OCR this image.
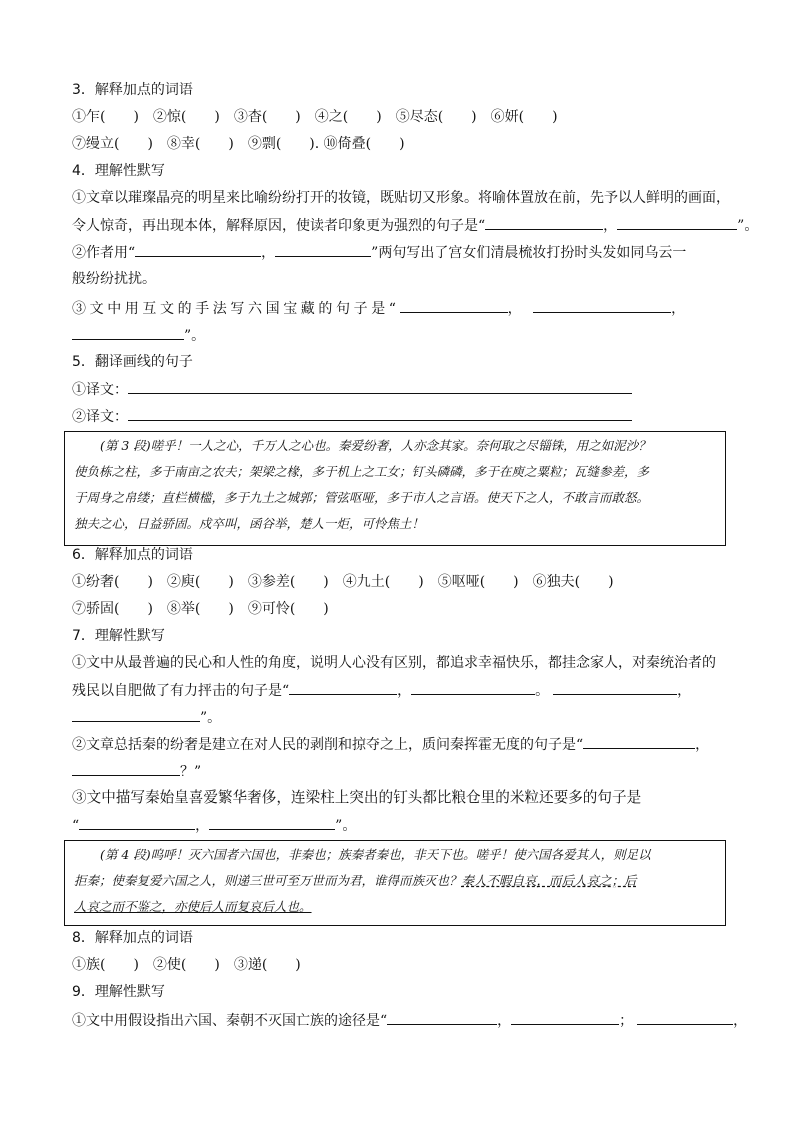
3．解释加点的词语
①乍(　　)　②惊(　　)　③杳(　　)　④之(　　)　⑤尽态(　　)　⑥妍(　　)
⑦缦立(　　)　⑧幸(　　)　⑨剽(　　). ⑩倚叠(　　)
4．理解性默写
①文章以璀璨晶亮的明星来比喻纷纷打开的妆镜，既贴切又形象。将喻体置放在前，先予以人鲜明的画面，
令人惊奇，再出现本体，解释原因，使读者印象更为强烈的句子是“	，	”。
②作者用“	，	”两句写出了宫女们清晨梳妆打扮时头发如同乌云一
般纷纷扰扰。
③文中用互文的手法写六国宝藏的句子是“	，	，
”。
5．翻译画线的句子
①译文：
②译文：
(第 3 段)嗟乎！一人之心，千万人之心也。秦爱纷奢，人亦念其家。奈何取之尽锱铢，用之如泥沙？
使负栋之柱，多于南亩之农夫；架梁之椽，多于机上之工女；钉头磷磷，多于在庾之粟粒；瓦缝参差，多
于周身之帛缕；直栏横槛，多于九土之城郭；管弦呕哑，多于市人之言语。使天下之人，不敢言而敢怒。
独夫之心，日益骄固。戍卒叫，函谷举，楚人一炬，可怜焦土！
6．解释加点的词语
①纷奢(　　)　②庾(　　)　③参差(　　)　④九土(　　)　⑤呕哑(　　)　⑥独夫(　　)
⑦骄固(　　)　⑧举(　　)　⑨可怜(　　)
7．理解性默写
①文中从最普遍的民心和人性的角度，说明人心没有区别，都追求幸福快乐，都挂念家人，对秦统治者的
残民以自肥做了有力抨击的句子是“	，	。	，
”。
②文章总括秦的纷奢是建立在对人民的剥削和掠夺之上，质问秦挥霍无度的句子是“	，
？”
③文中描写秦始皇喜爱繁华奢侈，连梁柱上突出的钉头都比粮仓里的米粒还要多的句子是
“	，	”。
(第 4 段)呜呼！灭六国者六国也，非秦也；族秦者秦也，非天下也。嗟乎！使六国各爱其人，则足以
拒秦；使秦复爱六国之人，则递三世可至万世而为君，谁得而族灭也？秦人不暇自哀，而后人哀之；后
人哀之而不鉴之，亦使后人而复哀后人也。
8．解释加点的词语
①族(　　)　②使(　　)　③递(　　)
9．理解性默写
①文中用假设指出六国、秦朝不灭国亡族的途径是“	，	；	，
